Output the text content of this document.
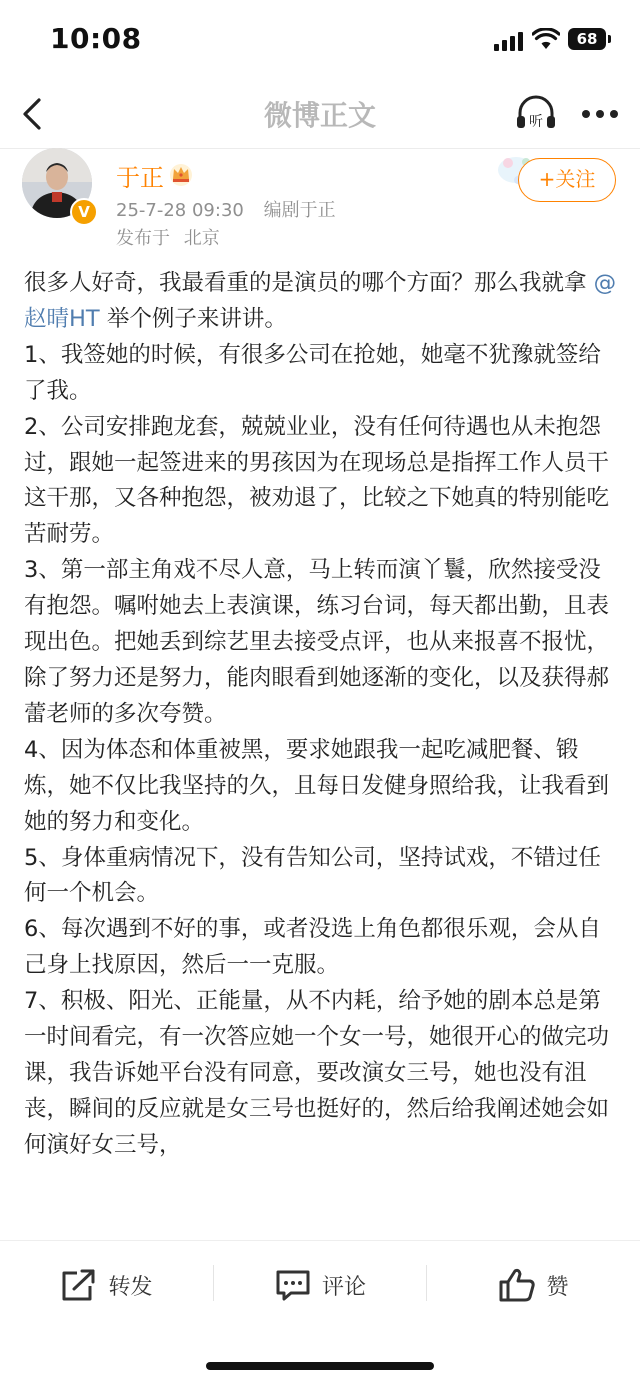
10:08	68
微博正文	听
V
于正
25-7-28 09:30 编剧于正
发布于 北京
+关注

很多人好奇，我最看重的是演员的哪个方面？那么我就拿 @赵晴HT 举个例子来讲讲。

1、我签她的时候，有很多公司在抢她，她毫不犹豫就签给了我。

2、公司安排跑龙套，兢兢业业，没有任何待遇也从未抱怨过，跟她一起签进来的男孩因为在现场总是指挥工作人员干这干那，又各种抱怨，被劝退了，比较之下她真的特别能吃苦耐劳。

3、第一部主角戏不尽人意，马上转而演丫鬟，欣然接受没有抱怨。嘱咐她去上表演课，练习台词，每天都出勤，且表现出色。把她丢到综艺里去接受点评，也从来报喜不报忧，除了努力还是努力，能肉眼看到她逐渐的变化，以及获得郝蕾老师的多次夸赞。

4、因为体态和体重被黑，要求她跟我一起吃减肥餐、锻炼，她不仅比我坚持的久，且每日发健身照给我，让我看到她的努力和变化。

5、身体重病情况下，没有告知公司，坚持试戏，不错过任何一个机会。

6、每次遇到不好的事，或者没选上角色都很乐观，会从自己身上找原因，然后一一克服。

7、积极、阳光、正能量，从不内耗，给予她的剧本总是第一时间看完，有一次答应她一个女一号，她很开心的做完功课，我告诉她平台没有同意，要改演女三号，她也没有沮丧，瞬间的反应就是女三号也挺好的，然后给我阐述她会如何演好女三号，

转发	评论	赞
